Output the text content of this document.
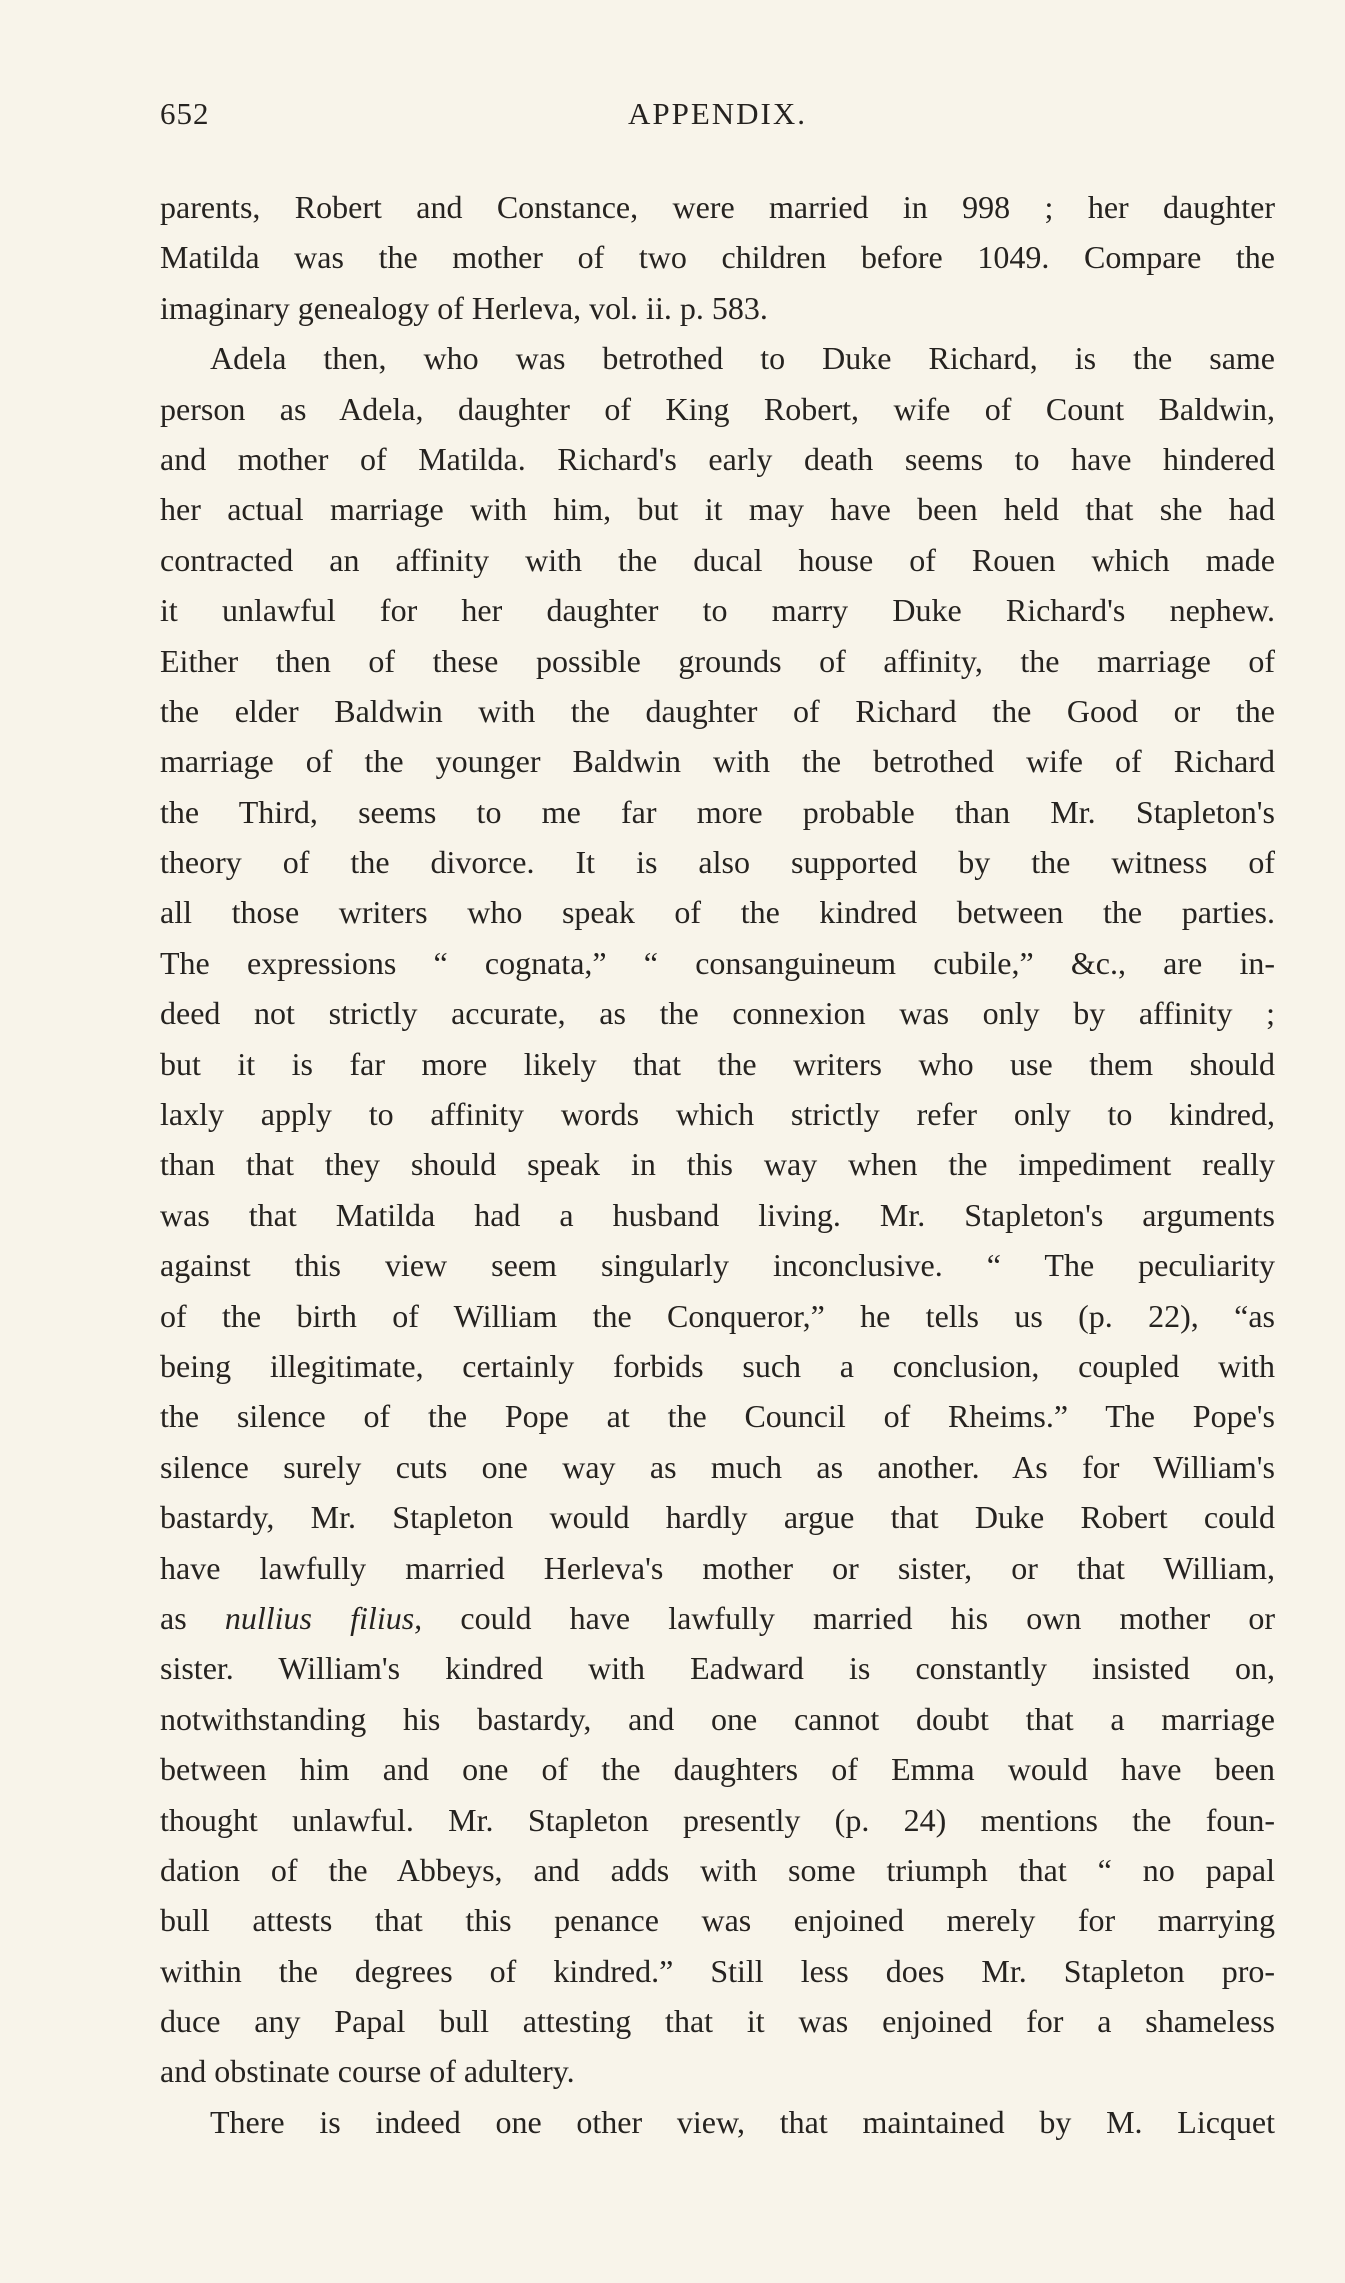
652	APPENDIX.
parents, Robert and Constance, were married in 998 ; her daughter
Matilda was the mother of two children before 1049. Compare the
imaginary genealogy of Herleva, vol. ii. p. 583.
Adela then, who was betrothed to Duke Richard, is the same
person as Adela, daughter of King Robert, wife of Count Baldwin,
and mother of Matilda. Richard's early death seems to have hindered
her actual marriage with him, but it may have been held that she had
contracted an affinity with the ducal house of Rouen which made
it unlawful for her daughter to marry Duke Richard's nephew.
Either then of these possible grounds of affinity, the marriage of
the elder Baldwin with the daughter of Richard the Good or the
marriage of the younger Baldwin with the betrothed wife of Richard
the Third, seems to me far more probable than Mr. Stapleton's
theory of the divorce. It is also supported by the witness of
all those writers who speak of the kindred between the parties.
The expressions “ cognata,” “ consanguineum cubile,” &c., are in-
deed not strictly accurate, as the connexion was only by affinity ;
but it is far more likely that the writers who use them should
laxly apply to affinity words which strictly refer only to kindred,
than that they should speak in this way when the impediment really
was that Matilda had a husband living. Mr. Stapleton's arguments
against this view seem singularly inconclusive. “ The peculiarity
of the birth of William the Conqueror,” he tells us (p. 22), “as
being illegitimate, certainly forbids such a conclusion, coupled with
the silence of the Pope at the Council of Rheims.” The Pope's
silence surely cuts one way as much as another. As for William's
bastardy, Mr. Stapleton would hardly argue that Duke Robert could
have lawfully married Herleva's mother or sister, or that William,
as nullius filius, could have lawfully married his own mother or
sister. William's kindred with Eadward is constantly insisted on,
notwithstanding his bastardy, and one cannot doubt that a marriage
between him and one of the daughters of Emma would have been
thought unlawful. Mr. Stapleton presently (p. 24) mentions the foun-
dation of the Abbeys, and adds with some triumph that “ no papal
bull attests that this penance was enjoined merely for marrying
within the degrees of kindred.” Still less does Mr. Stapleton pro-
duce any Papal bull attesting that it was enjoined for a shameless
and obstinate course of adultery.
There is indeed one other view, that maintained by M. Licquet
